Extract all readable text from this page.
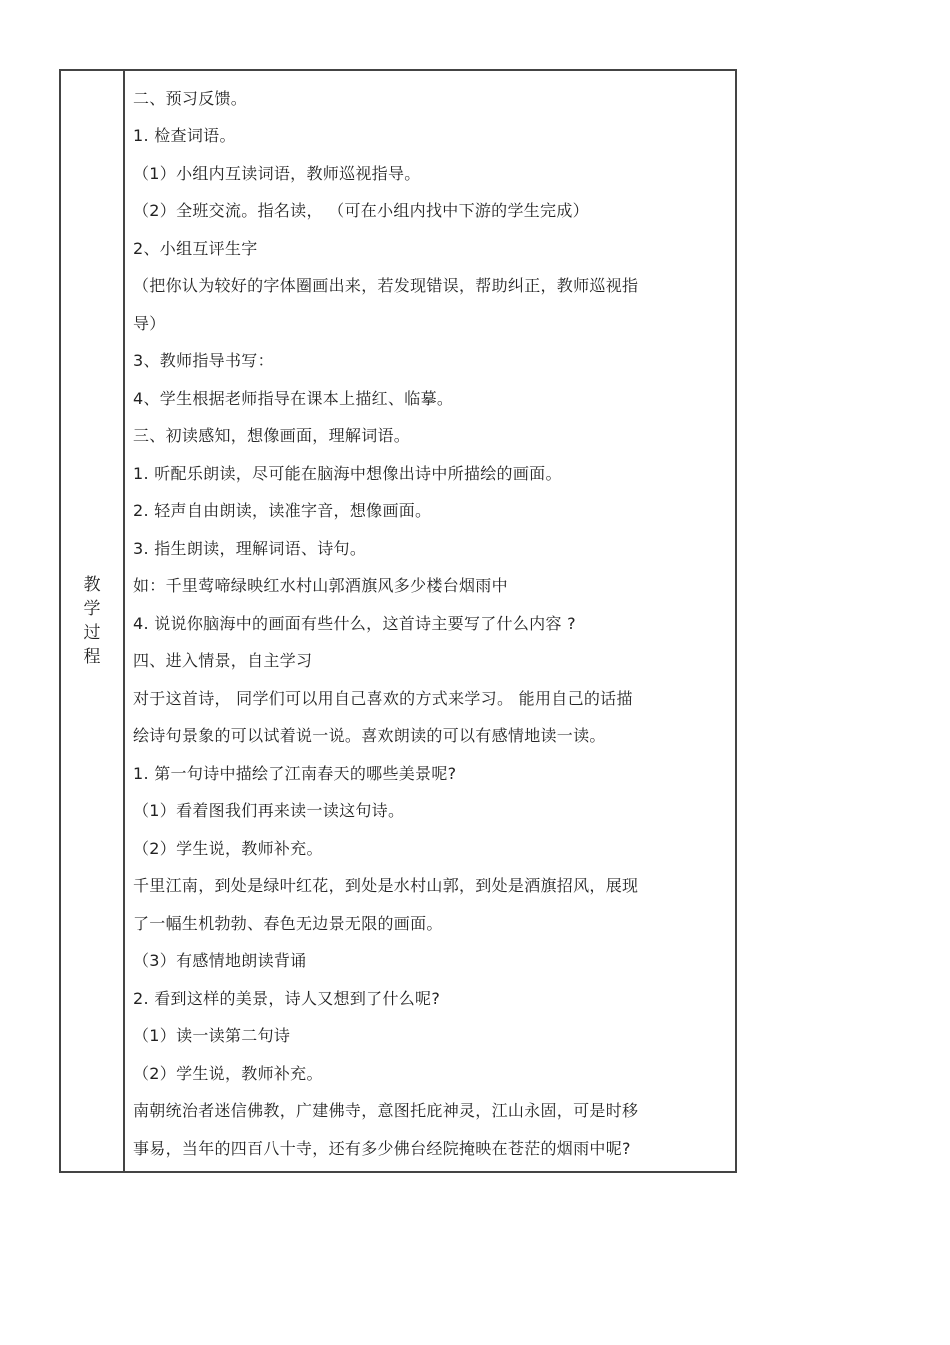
教
学
过
程
二、预习反馈。
1. 检查词语。
（1）小组内互读词语，教师巡视指导。
（2）全班交流。指名读， （可在小组内找中下游的学生完成）
2、小组互评生字
（把你认为较好的字体圈画出来，若发现错误，帮助纠正，教师巡视指
导）
3、教师指导书写：
4、学生根据老师指导在课本上描红、临摹。
三、初读感知，想像画面，理解词语。
1. 听配乐朗读，尽可能在脑海中想像出诗中所描绘的画面。
2. 轻声自由朗读，读准字音，想像画面。
3. 指生朗读，理解词语、诗句。
如：千里莺啼绿映红水村山郭酒旗风多少楼台烟雨中
4. 说说你脑海中的画面有些什么，这首诗主要写了什么内容 ?
四、进入情景，自主学习
对于这首诗， 同学们可以用自己喜欢的方式来学习。 能用自己的话描
绘诗句景象的可以试着说一说。喜欢朗读的可以有感情地读一读。
1. 第一句诗中描绘了江南春天的哪些美景呢?
（1）看着图我们再来读一读这句诗。
（2）学生说，教师补充。
千里江南，到处是绿叶红花，到处是水村山郭，到处是酒旗招风，展现
了一幅生机勃勃、春色无边景无限的画面。
（3）有感情地朗读背诵
2. 看到这样的美景，诗人又想到了什么呢?
（1）读一读第二句诗
（2）学生说，教师补充。
南朝统治者迷信佛教，广建佛寺，意图托庇神灵，江山永固，可是时移
事易，当年的四百八十寺，还有多少佛台经院掩映在苍茫的烟雨中呢?
